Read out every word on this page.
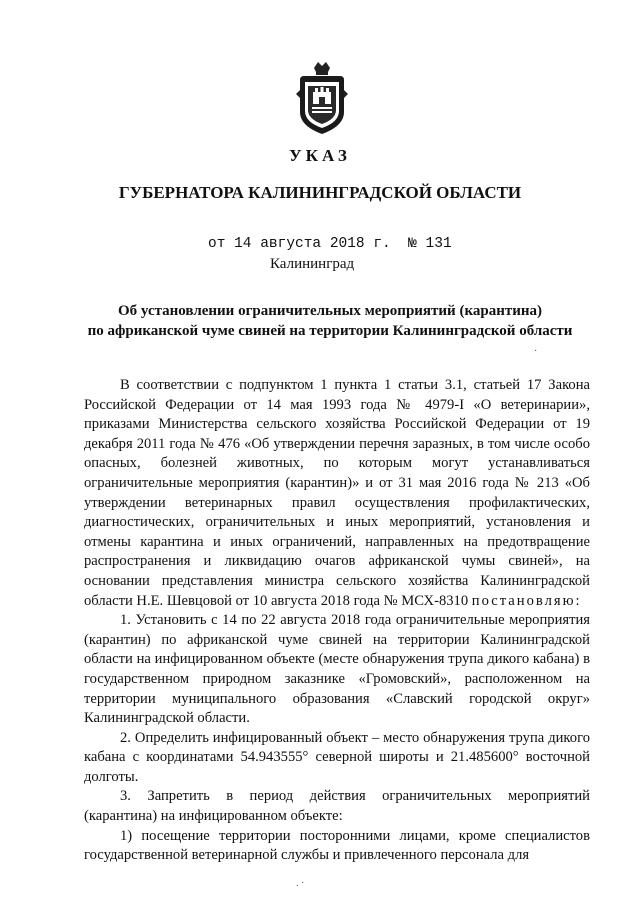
УКАЗ
ГУБЕРНАТОРА КАЛИНИНГРАДСКОЙ ОБЛАСТИ
от 14 августа 2018 г.  № 131
Калининград
Об установлении ограничительных мероприятий (карантина)
по африканской чуме свиней на территории Калининградской области

В соответствии с подпунктом 1 пункта 1 статьи 3.1, статьей 17 Закона Российской Федерации от 14 мая 1993 года № 4979-I «О ветеринарии», приказами Министерства сельского хозяйства Российской Федерации от 19 декабря 2011 года № 476 «Об утверждении перечня заразных, в том числе особо опасных, болезней животных, по которым могут устанавливаться ограничительные мероприятия (карантин)» и от 31 мая 2016 года № 213 «Об утверждении ветеринарных правил осуществления профилактических, диагностических, ограничительных и иных мероприятий, установления и отмены карантина и иных ограничений, направленных на предотвращение распространения и ликвидацию очагов африканской чумы свиней», на основании представления министра сельского хозяйства Калининградской области Н.Е. Шевцовой от 10 августа 2018 года № МСХ-8310 постановляю:

1. Установить с 14 по 22 августа 2018 года ограничительные мероприятия (карантин) по африканской чуме свиней на территории Калининградской области на инфицированном объекте (месте обнаружения трупа дикого кабана) в государственном природном заказнике «Громовский», расположенном на территории муниципального образования «Славский городской округ» Калининградской области.

2. Определить инфицированный объект – место обнаружения трупа дикого кабана с координатами 54.943555° северной широты и 21.485600° восточной долготы.

3. Запретить в период действия ограничительных мероприятий (карантина) на инфицированном объекте:

1) посещение территории посторонними лицами, кроме специалистов государственной ветеринарной службы и привлеченного персонала для

·
. ·
